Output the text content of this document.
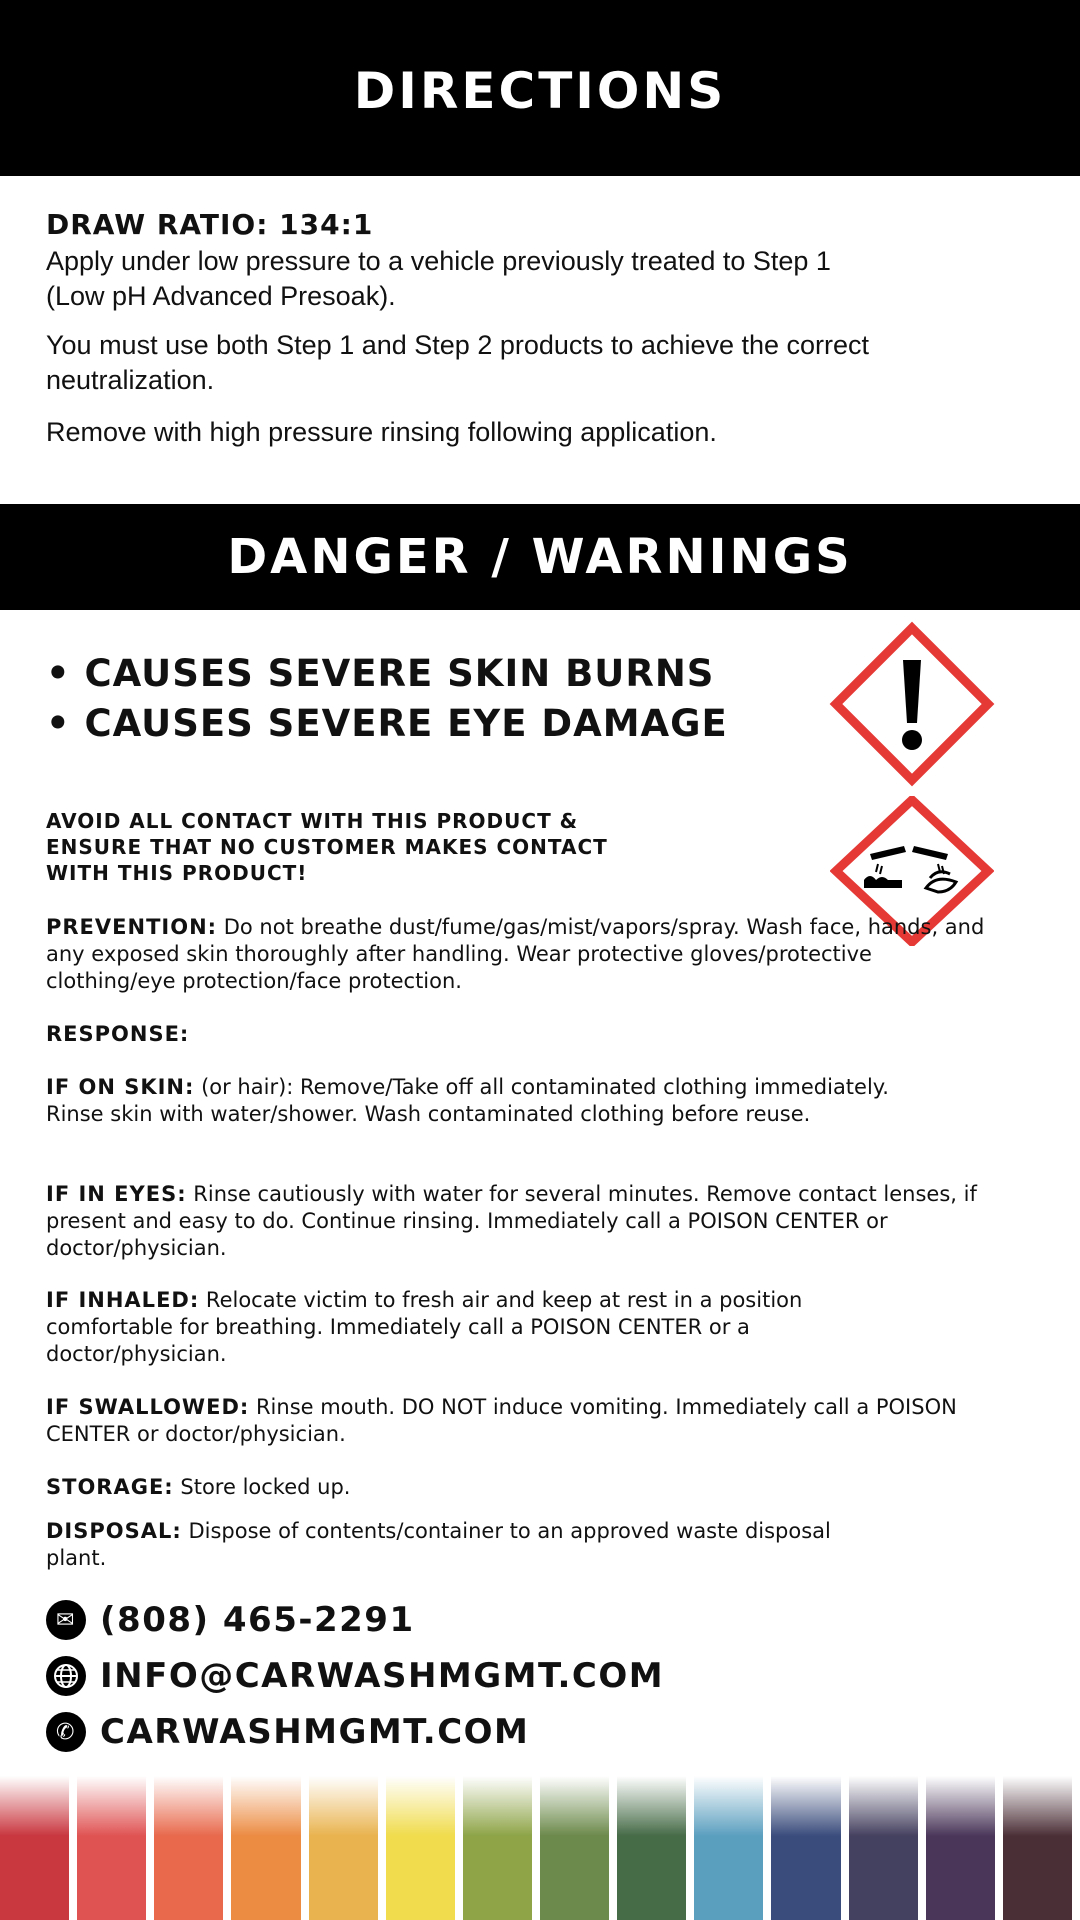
DIRECTIONS
DRAW RATIO: 134:1
Apply under low pressure to a vehicle previously treated to Step 1 (Low pH Advanced Presoak).
You must use both Step 1 and Step 2 products to achieve the correct neutralization.
Remove with high pressure rinsing following application.
DANGER / WARNINGS
• CAUSES SEVERE SKIN BURNS
• CAUSES SEVERE EYE DAMAGE
AVOID ALL CONTACT WITH THIS PRODUCT & ENSURE THAT NO CUSTOMER MAKES CONTACT WITH THIS PRODUCT!
PREVENTION: Do not breathe dust/fume/gas/mist/vapors/spray. Wash face, hands, and any exposed skin thoroughly after handling. Wear protective gloves/protective clothing/eye protection/face protection.
RESPONSE:
IF ON SKIN: (or hair): Remove/Take off all contaminated clothing immediately. Rinse skin with water/shower. Wash contaminated clothing before reuse.
IF IN EYES: Rinse cautiously with water for several minutes. Remove contact lenses, if present and easy to do. Continue rinsing. Immediately call a POISON CENTER or doctor/physician.
IF INHALED: Relocate victim to fresh air and keep at rest in a position comfortable for breathing. Immediately call a POISON CENTER or a doctor/physician.
IF SWALLOWED: Rinse mouth. DO NOT induce vomiting. Immediately call a POISON CENTER or doctor/physician.
STORAGE: Store locked up.
DISPOSAL: Dispose of contents/container to an approved waste disposal plant.
✉ (808) 465-2291
INFO@CARWASHMGMT.COM
✆ CARWASHMGMT.COM
